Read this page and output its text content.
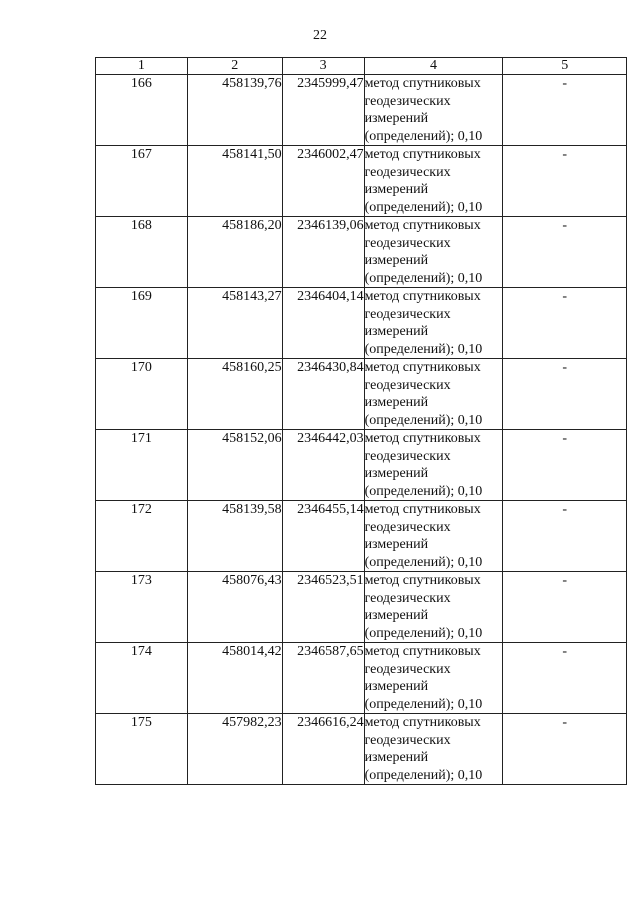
22
1	2	3	4	5
166	458139,76	2345999,47	метод спутниковых
геодезических
измерений
(определений); 0,10	-
167	458141,50	2346002,47	метод спутниковых
геодезических
измерений
(определений); 0,10	-
168	458186,20	2346139,06	метод спутниковых
геодезических
измерений
(определений); 0,10	-
169	458143,27	2346404,14	метод спутниковых
геодезических
измерений
(определений); 0,10	-
170	458160,25	2346430,84	метод спутниковых
геодезических
измерений
(определений); 0,10	-
171	458152,06	2346442,03	метод спутниковых
геодезических
измерений
(определений); 0,10	-
172	458139,58	2346455,14	метод спутниковых
геодезических
измерений
(определений); 0,10	-
173	458076,43	2346523,51	метод спутниковых
геодезических
измерений
(определений); 0,10	-
174	458014,42	2346587,65	метод спутниковых
геодезических
измерений
(определений); 0,10	-
175	457982,23	2346616,24	метод спутниковых
геодезических
измерений
(определений); 0,10	-
